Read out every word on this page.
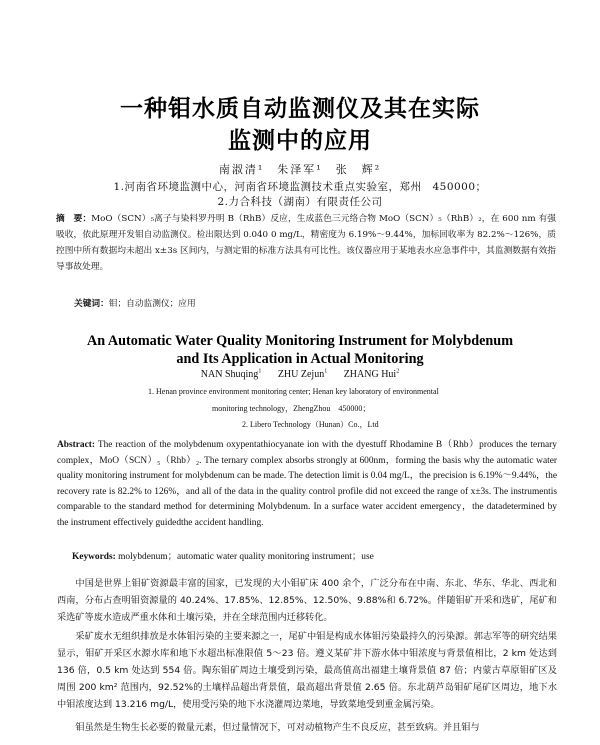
一种钼水质自动监测仪及其在实际
监测中的应用
南淑清¹　朱泽军¹　张　辉²
1.河南省环境监测中心，河南省环境监测技术重点实验室，郑州　450000；
2.力合科技（湖南）有限责任公司
摘　要：MoO（SCN）₅离子与染料罗丹明 B（RhB）反应，生成蓝色三元络合物 MoO（SCN）₅（RhB）₂，在 600 nm 有强吸收，依此原理开发钼自动监测仪。检出限达到 0.040 0 mg/L，精密度为 6.19%～9.44%，加标回收率为 82.2%～126%，质控图中所有数据均未超出 x±3s 区间内，与测定钼的标准方法具有可比性。该仪器应用于某地表水应急事件中，其监测数据有效指导事故处理。
关键词：钼；自动监测仪；应用
An Automatic Water Quality Monitoring Instrument for Molybdenum
and Its Application in Actual Monitoring
NAN Shuqing$^1$ ZHU Zejun$^1$ ZHANG Hui$^2$
1. Henan province environment monitoring center; Henan key laboratory of environmental
monitoring technology，ZhengZhou　450000；
2. Libero Technology（Hunan）Co.，Ltd
Abstract: The reaction of the molybdenum oxypentathiocyanate ion with the dyestuff Rhodamine B（Rhb）produces the ternary complex，MoO（SCN）₅（Rhb）₂. The ternary complex absorbs strongly at 600nm，forming the basis why the automatic water quality monitoring instrument for molybdenum can be made. The detection limit is 0.04 mg/L，the precision is 6.19%～9.44%，the recovery rate is 82.2% to 126%，and all of the data in the quality control profile did not exceed the range of x±3s. The instrumentis comparable to the standard method for determining Molybdenum. In a surface water accident emergency，the datadetermined by the instrument effectively guidedthe accident handling.
Keywords: molybdenum；automatic water quality monitoring instrument；use
中国是世界上钼矿资源最丰富的国家，已发现的大小钼矿床 400 余个，广泛分布在中南、东北、华东、华北、西北和西南，分布占查明钼资源量的 40.24%、17.85%、12.85%、12.50%、9.88%和 6.72%。伴随钼矿开采和选矿，尾矿和采选矿等废水造成严重水体和土壤污染，并在全球范围内迁移转化。
采矿废水无组织排放是水体钼污染的主要来源之一，尾矿中钼是构成水体钼污染最持久的污染源。郭志军等的研究结果显示，钼矿开采区水源水库和地下水超出标准限值 5～23 倍。遵义某矿井下游水体中钼浓度与背景值相比，2 km 处达到 136 倍，0.5 km 处达到 554 倍。陶东钼矿周边土壤受到污染，最高值高出福建土壤背景值 87 倍；内蒙古草原钼矿区及周围 200 km² 范围内，92.52%的土壤样品超出背景值，最高超出背景值 2.65 倍。东北葫芦岛钼矿尾矿区周边，地下水中钼浓度达到 13.216 mg/L，使用受污染的地下水浇灌周边菜地，导致菜地受到重金属污染。
钼虽然是生物生长必要的微量元素，但过量情况下，可对动植物产生不良反应，甚至致病。并且钼与
